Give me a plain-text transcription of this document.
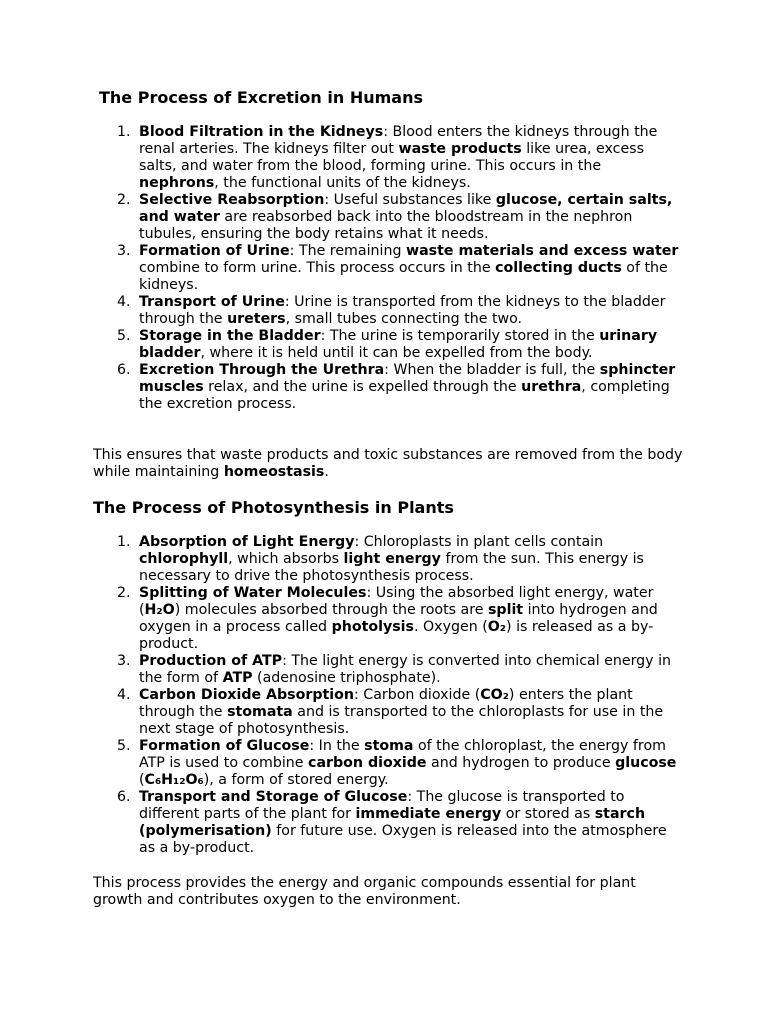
The Process of Excretion in Humans
1. Blood Filtration in the Kidneys: Blood enters the kidneys through the renal arteries. The kidneys filter out waste products like urea, excess salts, and water from the blood, forming urine. This occurs in the nephrons, the functional units of the kidneys.
2. Selective Reabsorption: Useful substances like glucose, certain salts, and water are reabsorbed back into the bloodstream in the nephron tubules, ensuring the body retains what it needs.
3. Formation of Urine: The remaining waste materials and excess water combine to form urine. This process occurs in the collecting ducts of the kidneys.
4. Transport of Urine: Urine is transported from the kidneys to the bladder through the ureters, small tubes connecting the two.
5. Storage in the Bladder: The urine is temporarily stored in the urinary bladder, where it is held until it can be expelled from the body.
6. Excretion Through the Urethra: When the bladder is full, the sphincter muscles relax, and the urine is expelled through the urethra, completing the excretion process.

This ensures that waste products and toxic substances are removed from the body while maintaining homeostasis.

The Process of Photosynthesis in Plants
1. Absorption of Light Energy: Chloroplasts in plant cells contain chlorophyll, which absorbs light energy from the sun. This energy is necessary to drive the photosynthesis process.
2. Splitting of Water Molecules: Using the absorbed light energy, water (H₂O) molecules absorbed through the roots are split into hydrogen and oxygen in a process called photolysis. Oxygen (O₂) is released as a by-product.
3. Production of ATP: The light energy is converted into chemical energy in the form of ATP (adenosine triphosphate).
4. Carbon Dioxide Absorption: Carbon dioxide (CO₂) enters the plant through the stomata and is transported to the chloroplasts for use in the next stage of photosynthesis.
5. Formation of Glucose: In the stoma of the chloroplast, the energy from ATP is used to combine carbon dioxide and hydrogen to produce glucose (C₆H₁₂O₆), a form of stored energy.
6. Transport and Storage of Glucose: The glucose is transported to different parts of the plant for immediate energy or stored as starch (polymerisation) for future use. Oxygen is released into the atmosphere as a by-product.

This process provides the energy and organic compounds essential for plant growth and contributes oxygen to the environment.
